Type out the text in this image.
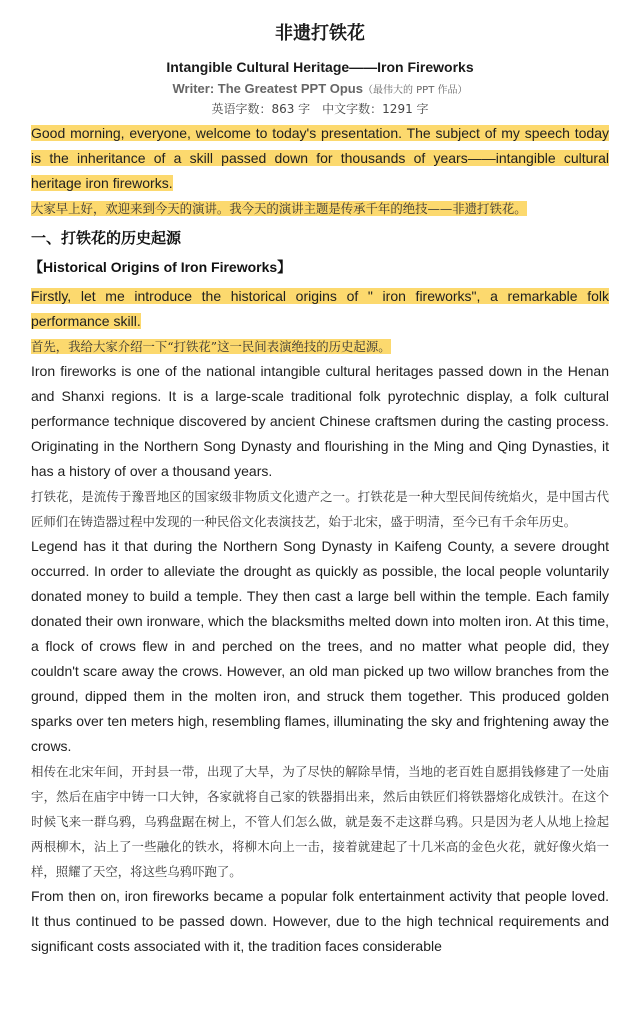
非遗打铁花
Intangible Cultural Heritage——Iron Fireworks
Writer: The Greatest PPT Opus（最伟大的 PPT 作品）
英语字数：863 字　中文字数：1291 字

Good morning, everyone, welcome to today's presentation. The subject of my speech today is the inheritance of a skill passed down for thousands of years——intangible cultural heritage iron fireworks.

大家早上好，欢迎来到今天的演讲。我今天的演讲主题是传承千年的绝技——非遗打铁花。

一、打铁花的历史起源
【Historical Origins of Iron Fireworks】

Firstly, let me introduce the historical origins of " iron fireworks", a remarkable folk performance skill.

首先，我给大家介绍一下“打铁花”这一民间表演绝技的历史起源。

Iron fireworks is one of the national intangible cultural heritages passed down in the Henan and Shanxi regions. It is a large-scale traditional folk pyrotechnic display, a folk cultural performance technique discovered by ancient Chinese craftsmen during the casting process. Originating in the Northern Song Dynasty and flourishing in the Ming and Qing Dynasties, it has a history of over a thousand years.

打铁花，是流传于豫晋地区的国家级非物质文化遗产之一。打铁花是一种大型民间传统焰火，是中国古代匠师们在铸造器过程中发现的一种民俗文化表演技艺，始于北宋，盛于明清，至今已有千余年历史。

Legend has it that during the Northern Song Dynasty in Kaifeng County, a severe drought occurred. In order to alleviate the drought as quickly as possible, the local people voluntarily donated money to build a temple. They then cast a large bell within the temple. Each family donated their own ironware, which the blacksmiths melted down into molten iron. At this time, a flock of crows flew in and perched on the trees, and no matter what people did, they couldn't scare away the crows. However, an old man picked up two willow branches from the ground, dipped them in the molten iron, and struck them together. This produced golden sparks over ten meters high, resembling flames, illuminating the sky and frightening away the crows.

相传在北宋年间，开封县一带，出现了大旱，为了尽快的解除旱情，当地的老百姓自愿捐钱修建了一处庙宇，然后在庙宇中铸一口大钟，各家就将自己家的铁器捐出来，然后由铁匠们将铁器熔化成铁汁。在这个时候飞来一群乌鸦，乌鸦盘踞在树上，不管人们怎么做，就是轰不走这群乌鸦。只是因为老人从地上捡起两根柳木，沾上了一些融化的铁水，将柳木向上一击，接着就建起了十几米高的金色火花，就好像火焰一样，照耀了天空，将这些乌鸦吓跑了。

From then on, iron fireworks became a popular folk entertainment activity that people loved. It thus continued to be passed down. However, due to the high technical requirements and significant costs associated with it, the tradition faces considerable
